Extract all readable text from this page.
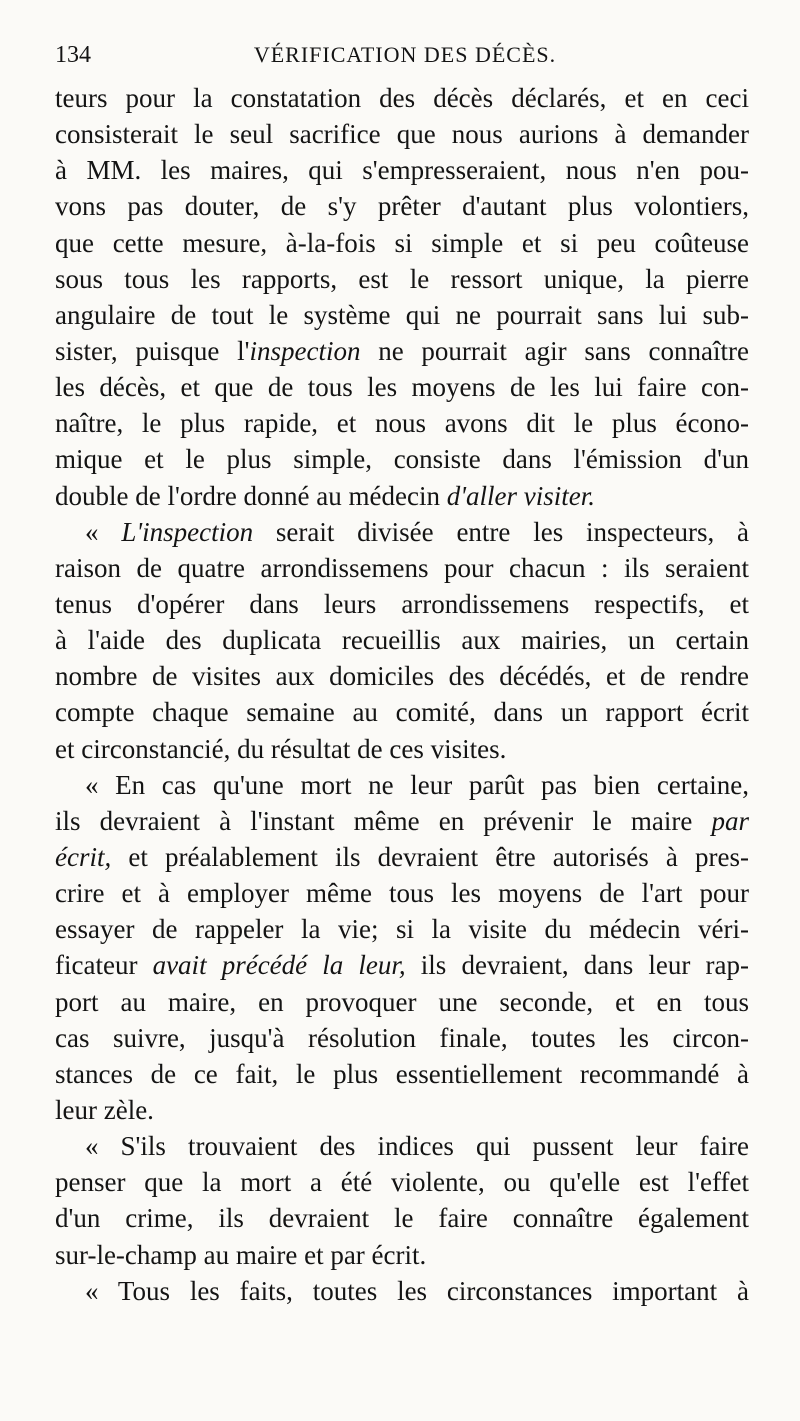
134	VÉRIFICATION DES DÉCÈS.
teurs pour la constatation des décès déclarés, et en ceci
consisterait le seul sacrifice que nous aurions à demander
à MM. les maires, qui s'empresseraient, nous n'en pou-
vons pas douter, de s'y prêter d'autant plus volontiers,
que cette mesure, à-la-fois si simple et si peu coûteuse
sous tous les rapports, est le ressort unique, la pierre
angulaire de tout le système qui ne pourrait sans lui sub-
sister, puisque l'inspection ne pourrait agir sans connaître
les décès, et que de tous les moyens de les lui faire con-
naître, le plus rapide, et nous avons dit le plus écono-
mique et le plus simple, consiste dans l'émission d'un
double de l'ordre donné au médecin d'aller visiter.
« L'inspection serait divisée entre les inspecteurs, à
raison de quatre arrondissemens pour chacun : ils seraient
tenus d'opérer dans leurs arrondissemens respectifs, et
à l'aide des duplicata recueillis aux mairies, un certain
nombre de visites aux domiciles des décédés, et de rendre
compte chaque semaine au comité, dans un rapport écrit
et circonstancié, du résultat de ces visites.
« En cas qu'une mort ne leur parût pas bien certaine,
ils devraient à l'instant même en prévenir le maire par
écrit, et préalablement ils devraient être autorisés à pres-
crire et à employer même tous les moyens de l'art pour
essayer de rappeler la vie; si la visite du médecin véri-
ficateur avait précédé la leur, ils devraient, dans leur rap-
port au maire, en provoquer une seconde, et en tous
cas suivre, jusqu'à résolution finale, toutes les circon-
stances de ce fait, le plus essentiellement recommandé à
leur zèle.
« S'ils trouvaient des indices qui pussent leur faire
penser que la mort a été violente, ou qu'elle est l'effet
d'un crime, ils devraient le faire connaître également
sur-le-champ au maire et par écrit.
« Tous les faits, toutes les circonstances important à
